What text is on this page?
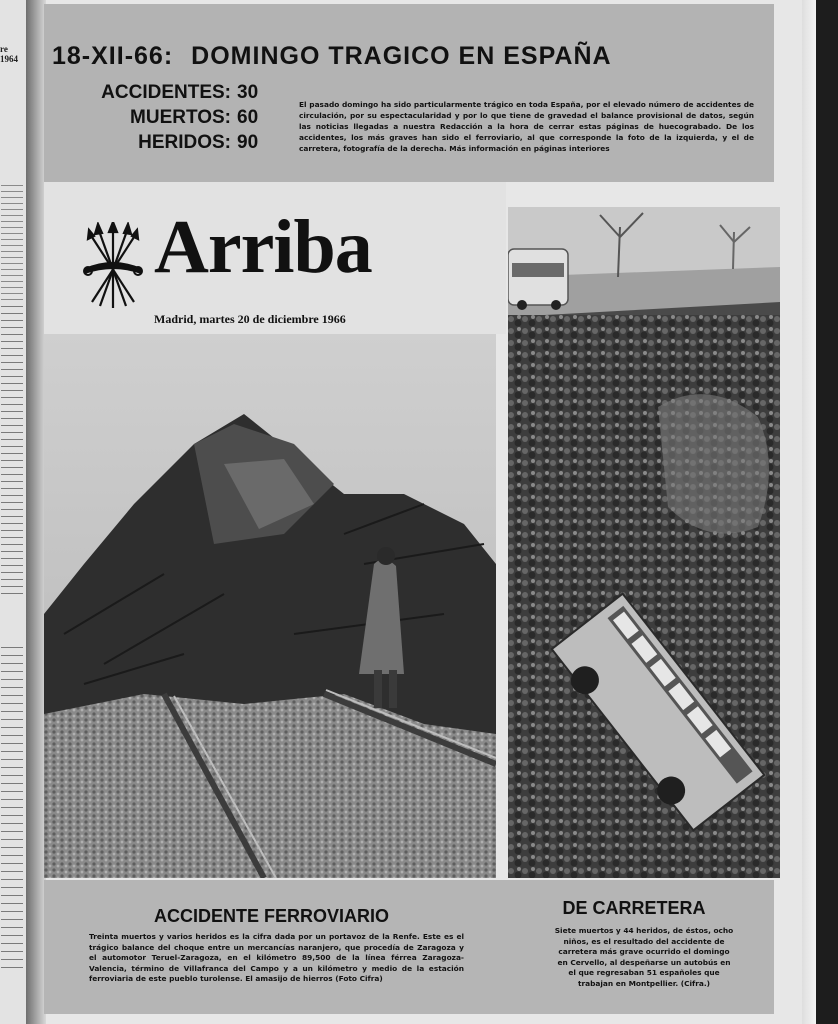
re 1964	18-XII-66: DOMINGO TRAGICO EN ESPAÑA
ACCIDENTES: 30
MUERTOS: 60
HERIDOS: 90
El pasado domingo ha sido particularmente trágico en toda España, por el elevado número de accidentes de circulación, por su espectacularidad y por lo que tiene de gravedad el balance provisional de datos, según las noticias llegadas a nuestra Redacción a la hora de cerrar estas páginas de huecograbado. De los accidentes, los más graves han sido el ferroviario, al que corresponde la foto de la izquierda, y el de carretera, fotografía de la derecha. Más información en páginas interiores
Arriba
Madrid, martes 20 de diciembre 1966
ACCIDENTE FERROVIARIO
Treinta muertos y varios heridos es la cifra dada por un portavoz de la Renfe. Este es el trágico balance del choque entre un mercancías naranjero, que procedía de Zaragoza y el automotor Teruel-Zaragoza, en el kilómetro 89,500 de la línea férrea Zaragoza-Valencia, término de Villafranca del Campo y a un kilómetro y medio de la estación ferroviaria de este pueblo turolense. El amasijo de hierros (Foto Cifra)
DE CARRETERA
Siete muertos y 44 heridos, de éstos, ocho niños, es el resultado del accidente de carretera más grave ocurrido el domingo en Cervello, al despeñarse un autobús en el que regresaban 51 españoles que trabajan en Montpellier. (Cifra.)
